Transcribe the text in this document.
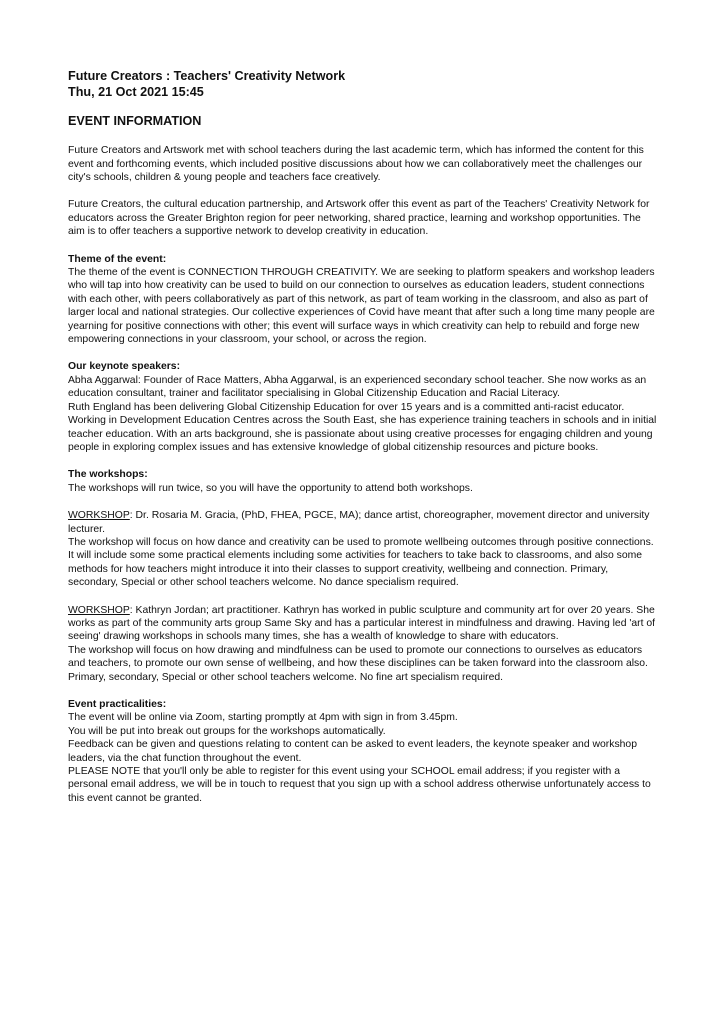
Future Creators : Teachers' Creativity Network
Thu, 21 Oct 2021 15:45
EVENT INFORMATION

Future Creators and Artswork met with school teachers during the last academic term, which has informed the content for this event and forthcoming events, which included positive discussions about how we can collaboratively meet the challenges our city's schools, children & young people and teachers face creatively.

Future Creators, the cultural education partnership, and Artswork offer this event as part of the Teachers' Creativity Network for educators across the Greater Brighton region for peer networking, shared practice, learning and workshop opportunities. The aim is to offer teachers a supportive network to develop creativity in education.

Theme of the event:
The theme of the event is CONNECTION THROUGH CREATIVITY. We are seeking to platform speakers and workshop leaders who will tap into how creativity can be used to build on our connection to ourselves as education leaders, student connections with each other, with peers collaboratively as part of this network, as part of team working in the classroom, and also as part of larger local and national strategies. Our collective experiences of Covid have meant that after such a long time many people are yearning for positive connections with other; this event will surface ways in which creativity can help to rebuild and forge new empowering connections in your classroom, your school, or across the region.

Our keynote speakers:
Abha Aggarwal: Founder of Race Matters, Abha Aggarwal, is an experienced secondary school teacher. She now works as an education consultant, trainer and facilitator specialising in Global Citizenship Education and Racial Literacy.
Ruth England has been delivering Global Citizenship Education for over 15 years and is a committed anti-racist educator. Working in Development Education Centres across the South East, she has experience training teachers in schools and in initial teacher education. With an arts background, she is passionate about using creative processes for engaging children and young people in exploring complex issues and has extensive knowledge of global citizenship resources and picture books.

The workshops:
The workshops will run twice, so you will have the opportunity to attend both workshops.

WORKSHOP: Dr. Rosaria M. Gracia, (PhD, FHEA, PGCE, MA); dance artist, choreographer, movement director and university lecturer.
The workshop will focus on how dance and creativity can be used to promote wellbeing outcomes through positive connections. It will include some some practical elements including some activities for teachers to take back to classrooms, and also some methods for how teachers might introduce it into their classes to support creativity, wellbeing and connection. Primary, secondary, Special or other school teachers welcome. No dance specialism required.

WORKSHOP: Kathryn Jordan; art practitioner. Kathryn has worked in public sculpture and community art for over 20 years. She works as part of the community arts group Same Sky and has a particular interest in mindfulness and drawing. Having led 'art of seeing' drawing workshops in schools many times, she has a wealth of knowledge to share with educators.
The workshop will focus on how drawing and mindfulness can be used to promote our connections to ourselves as educators and teachers, to promote our own sense of wellbeing, and how these disciplines can be taken forward into the classroom also. Primary, secondary, Special or other school teachers welcome. No fine art specialism required.

Event practicalities:
The event will be online via Zoom, starting promptly at 4pm with sign in from 3.45pm.
You will be put into break out groups for the workshops automatically.
Feedback can be given and questions relating to content can be asked to event leaders, the keynote speaker and workshop leaders, via the chat function throughout the event.
PLEASE NOTE that you'll only be able to register for this event using your SCHOOL email address; if you register with a personal email address, we will be in touch to request that you sign up with a school address otherwise unfortunately access to this event cannot be granted.
